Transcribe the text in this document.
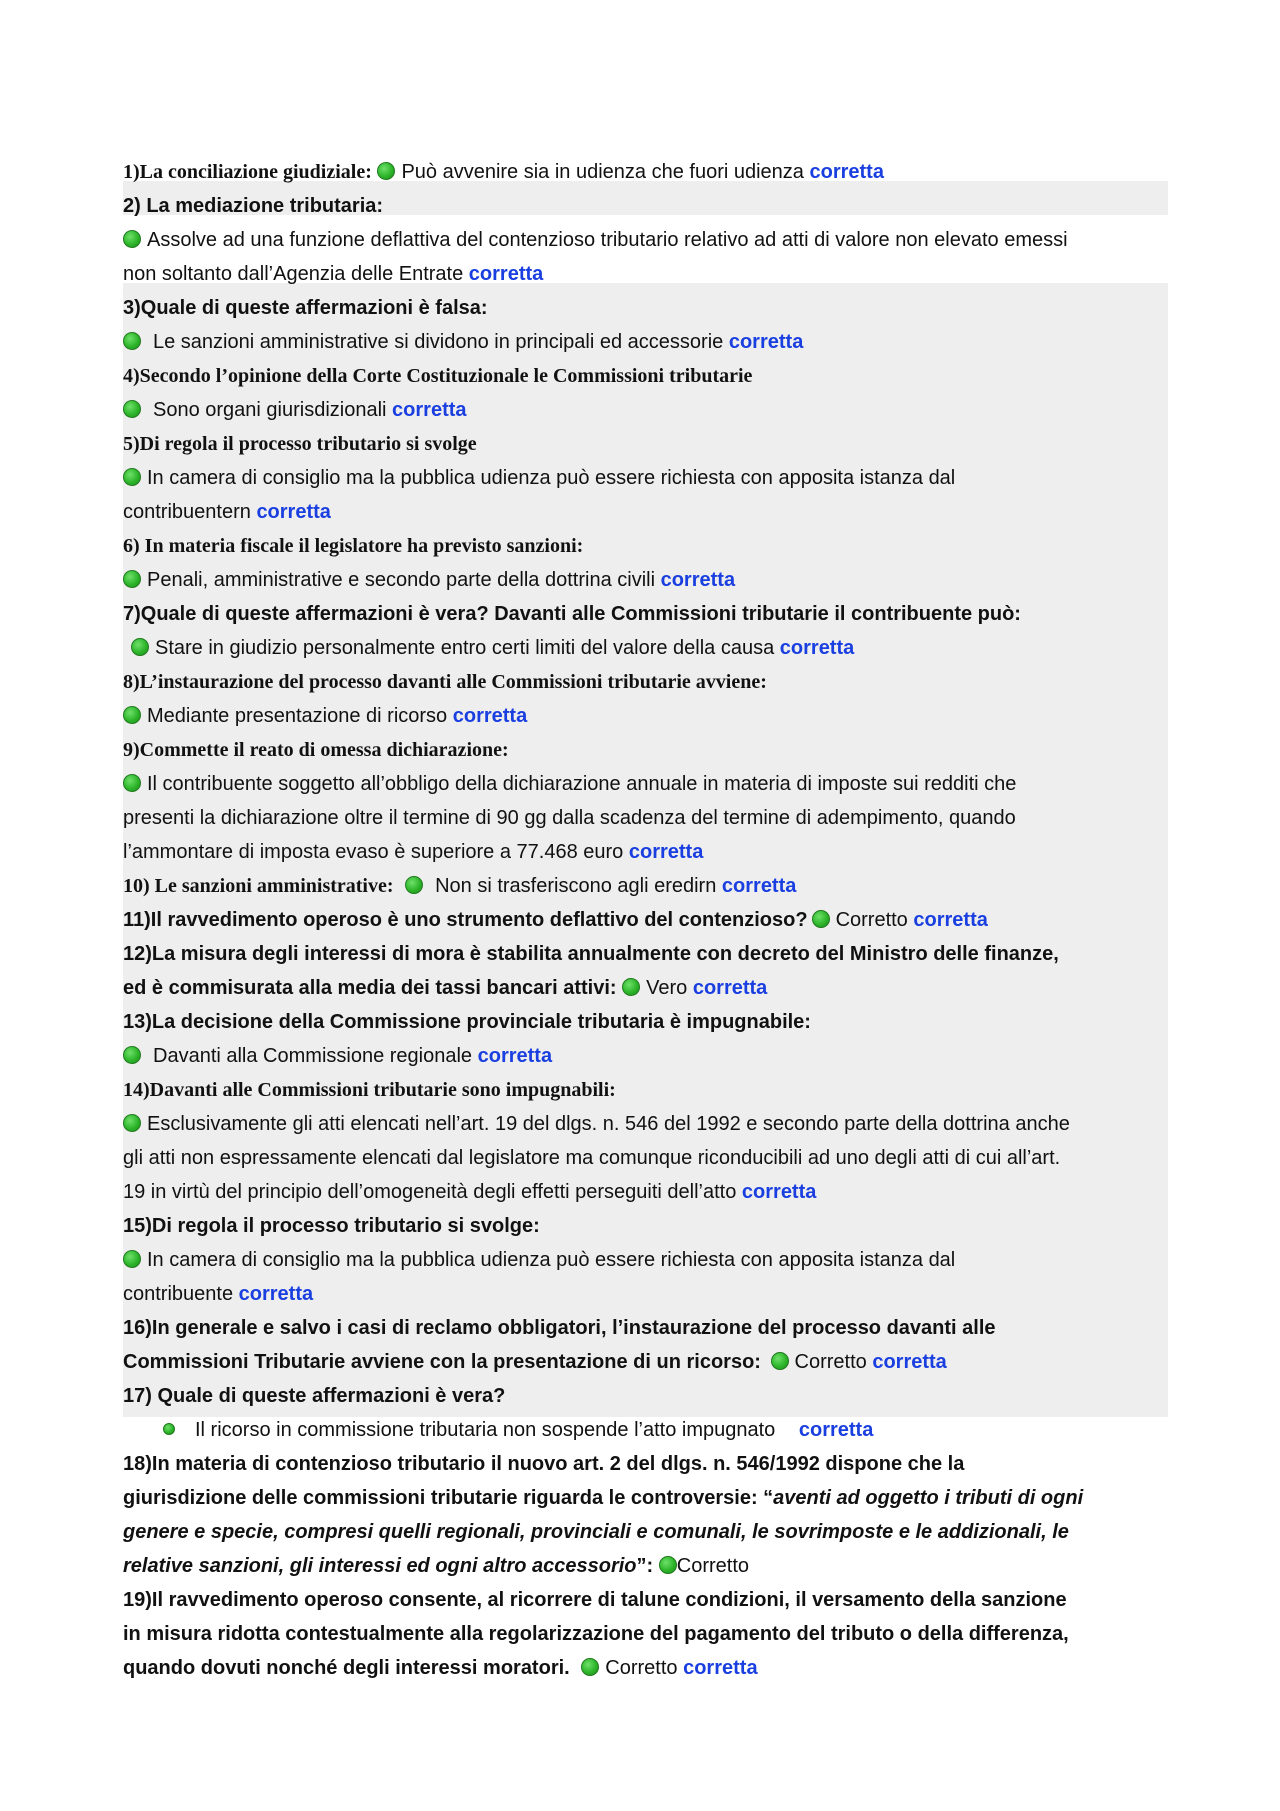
1)La conciliazione giudiziale: Può avvenire sia in udienza che fuori udienza corretta
2) La mediazione tributaria:
Assolve ad una funzione deflattiva del contenzioso tributario relativo ad atti di valore non elevato emessi
non soltanto dall’Agenzia delle Entrate corretta
3)Quale di queste affermazioni è falsa:
Le sanzioni amministrative si dividono in principali ed accessorie corretta
4)Secondo l’opinione della Corte Costituzionale le Commissioni tributarie
Sono organi giurisdizionali corretta
5)Di regola il processo tributario si svolge
In camera di consiglio ma la pubblica udienza può essere richiesta con apposita istanza dal
contribuentern corretta
6) In materia fiscale il legislatore ha previsto sanzioni:
Penali, amministrative e secondo parte della dottrina civili corretta
7)Quale di queste affermazioni è vera? Davanti alle Commissioni tributarie il contribuente può:
Stare in giudizio personalmente entro certi limiti del valore della causa corretta
8)L’instaurazione del processo davanti alle Commissioni tributarie avviene:
Mediante presentazione di ricorso corretta
9)Commette il reato di omessa dichiarazione:
Il contribuente soggetto all’obbligo della dichiarazione annuale in materia di imposte sui redditi che
presenti la dichiarazione oltre il termine di 90 gg dalla scadenza del termine di adempimento, quando
l’ammontare di imposta evaso è superiore a 77.468 euro corretta
10) Le sanzioni amministrative: Non si trasferiscono agli eredirn corretta
11)Il ravvedimento operoso è uno strumento deflattivo del contenzioso? Corretto corretta
12)La misura degli interessi di mora è stabilita annualmente con decreto del Ministro delle finanze,
ed è commisurata alla media dei tassi bancari attivi: Vero corretta
13)La decisione della Commissione provinciale tributaria è impugnabile:
Davanti alla Commissione regionale corretta
14)Davanti alle Commissioni tributarie sono impugnabili:
Esclusivamente gli atti elencati nell’art. 19 del dlgs. n. 546 del 1992 e secondo parte della dottrina anche
gli atti non espressamente elencati dal legislatore ma comunque riconducibili ad uno degli atti di cui all’art.
19 in virtù del principio dell’omogeneità degli effetti perseguiti dell’atto corretta
15)Di regola il processo tributario si svolge:
In camera di consiglio ma la pubblica udienza può essere richiesta con apposita istanza dal
contribuente corretta
16)In generale e salvo i casi di reclamo obbligatori, l’instaurazione del processo davanti alle
Commissioni Tributarie avviene con la presentazione di un ricorso: Corretto corretta
17) Quale di queste affermazioni è vera?
Il ricorso in commissione tributaria non sospende l’atto impugnato corretta
18)In materia di contenzioso tributario il nuovo art. 2 del dlgs. n. 546/1992 dispone che la
giurisdizione delle commissioni tributarie riguarda le controversie: “aventi ad oggetto i tributi di ogni
genere e specie, compresi quelli regionali, provinciali e comunali, le sovrimposte e le addizionali, le
relative sanzioni, gli interessi ed ogni altro accessorio”: Corretto
19)Il ravvedimento operoso consente, al ricorrere di talune condizioni, il versamento della sanzione
in misura ridotta contestualmente alla regolarizzazione del pagamento del tributo o della differenza,
quando dovuti nonché degli interessi moratori. Corretto corretta
